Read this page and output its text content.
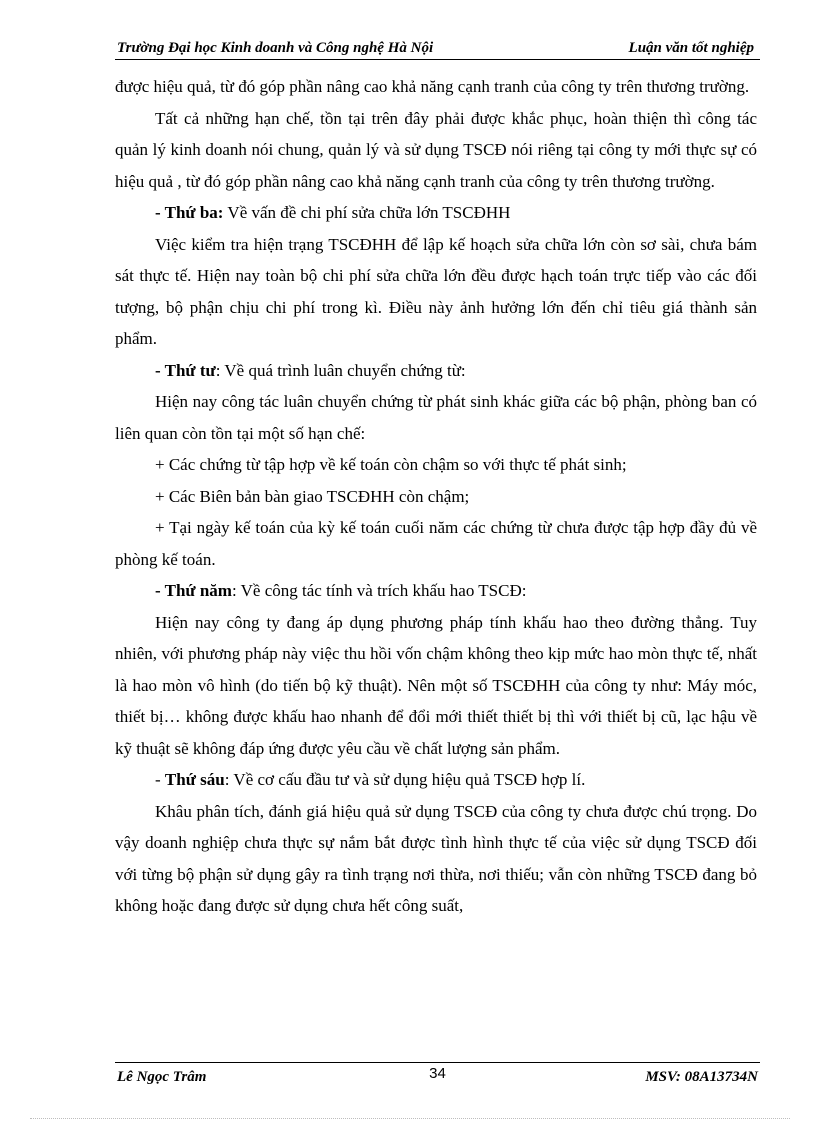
Trường Đại học Kinh doanh và Công nghệ Hà Nội	Luận văn tốt nghiệp

được hiệu quả, từ đó góp phần nâng cao khả năng cạnh tranh của công ty trên thương trường.

Tất cả những hạn chế, tồn tại trên đây phải được khắc phục, hoàn thiện thì công tác quản lý kinh doanh nói chung, quản lý và sử dụng TSCĐ nói riêng tại công ty mới thực sự có hiệu quả , từ đó góp phần nâng cao khả năng cạnh tranh của công ty trên thương trường.

- Thứ ba: Về vấn đề chi phí sửa chữa lớn TSCĐHH

Việc kiểm tra hiện trạng TSCĐHH để lập kế hoạch sửa chữa lớn còn sơ sài, chưa bám sát thực tế. Hiện nay toàn bộ chi phí sửa chữa lớn đều được hạch toán trực tiếp vào các đối tượng, bộ phận chịu chi phí trong kì. Điều này ảnh hưởng lớn đến chỉ tiêu giá thành sản phẩm.

- Thứ tư: Về quá trình luân chuyển chứng từ:

Hiện nay công tác luân chuyển chứng từ phát sinh khác giữa các bộ phận, phòng ban có liên quan còn tồn tại một số hạn chế:

+ Các chứng từ tập hợp về kế toán còn chậm so với thực tế phát sinh;

+ Các Biên bản bàn giao TSCĐHH còn chậm;

+ Tại ngày kế toán của kỳ kế toán cuối năm các chứng từ chưa được tập hợp đầy đủ về phòng kế toán.

- Thứ năm: Về công tác tính và trích khấu hao TSCĐ:

Hiện nay công ty đang áp dụng phương pháp tính khấu hao theo đường thẳng. Tuy nhiên, với phương pháp này việc thu hồi vốn chậm không theo kịp mức hao mòn thực tế, nhất là hao mòn vô hình (do tiến bộ kỹ thuật). Nên một số TSCĐHH của công ty như: Máy móc, thiết bị… không được khấu hao nhanh để đổi mới thiết thiết bị thì với thiết bị cũ, lạc hậu về kỹ thuật sẽ không đáp ứng được yêu cầu về chất lượng sản phẩm.

- Thứ sáu: Về cơ cấu đầu tư và sử dụng hiệu quả TSCĐ hợp lí.

Khâu phân tích, đánh giá hiệu quả sử dụng TSCĐ của công ty chưa được chú trọng. Do vậy doanh nghiệp chưa thực sự nắm bắt được tình hình thực tế của việc sử dụng TSCĐ đối với từng bộ phận sử dụng gây ra tình trạng nơi thừa, nơi thiếu; vẫn còn những TSCĐ đang bỏ không hoặc đang được sử dụng chưa hết công suất,

Lê Ngọc Trâm	34	MSV: 08A13734N
